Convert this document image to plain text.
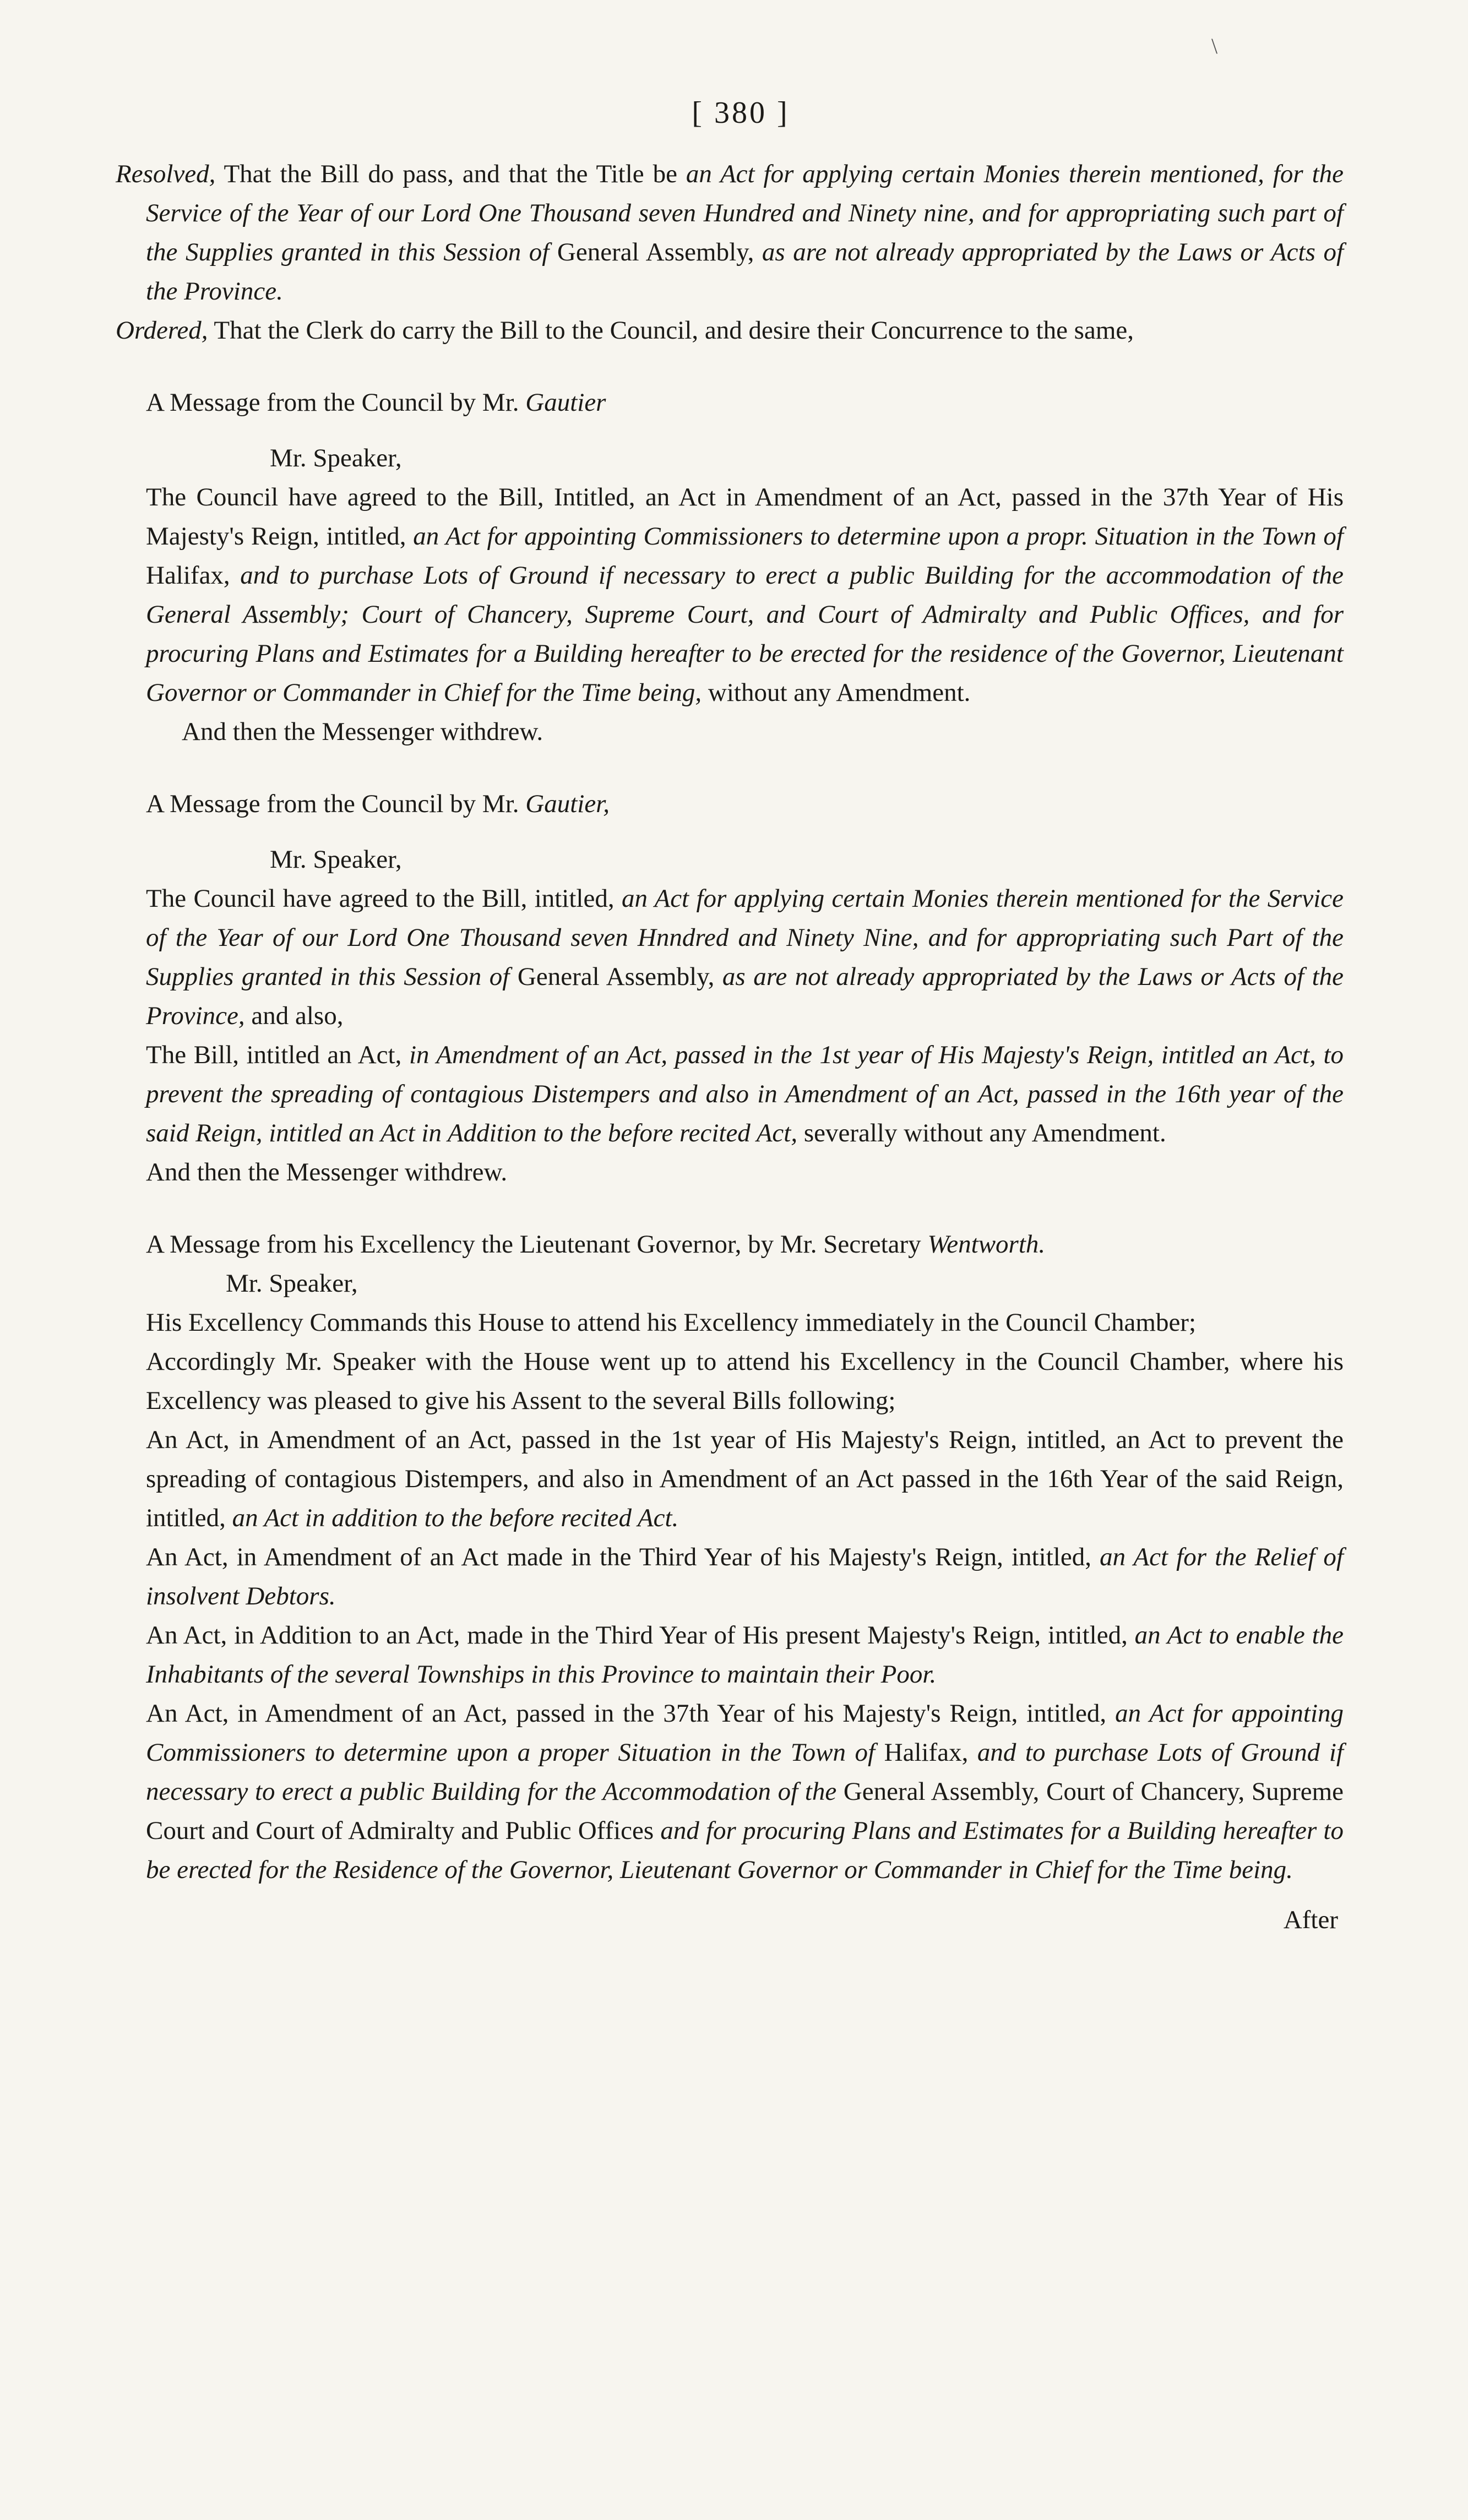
\
[ 380 ]

Resolved, That the Bill do pass, and that the Title be an Act for applying certain Monies therein mentioned, for the Service of the Year of our Lord One Thousand seven Hundred and Ninety nine, and for appropriating such part of the Supplies granted in this Session of General Assembly, as are not already appropriated by the Laws or Acts of the Province.

Ordered, That the Clerk do carry the Bill to the Council, and desire their Concurrence to the same,

A Message from the Council by Mr. Gautier

Mr. Speaker,

The Council have agreed to the Bill, Intitled, an Act in Amendment of an Act, passed in the 37th Year of His Majesty's Reign, intitled, an Act for appointing Commissioners to determine upon a propr. Situation in the Town of Halifax, and to purchase Lots of Ground if necessary to erect a public Building for the accommodation of the General Assembly; Court of Chancery, Supreme Court, and Court of Admiralty and Public Offices, and for procuring Plans and Estimates for a Building hereafter to be erected for the residence of the Governor, Lieutenant Governor or Commander in Chief for the Time being, without any Amendment.

And then the Messenger withdrew.

A Message from the Council by Mr. Gautier,

Mr. Speaker,

The Council have agreed to the Bill, intitled, an Act for applying certain Monies therein mentioned for the Service of the Year of our Lord One Thousand seven Hnndred and Ninety Nine, and for appropriating such Part of the Supplies granted in this Session of General Assembly, as are not already appropriated by the Laws or Acts of the Province, and also,

The Bill, intitled an Act, in Amendment of an Act, passed in the 1st year of His Majesty's Reign, intitled an Act, to prevent the spreading of contagious Distempers and also in Amendment of an Act, passed in the 16th year of the said Reign, intitled an Act in Addition to the before recited Act, severally without any Amendment.

And then the Messenger withdrew.

A Message from his Excellency the Lieutenant Governor, by Mr. Secretary Wentworth.

Mr. Speaker,

His Excellency Commands this House to attend his Excellency immediately in the Council Chamber;

Accordingly Mr. Speaker with the House went up to attend his Excellency in the Council Chamber, where his Excellency was pleased to give his Assent to the several Bills following;

An Act, in Amendment of an Act, passed in the 1st year of His Majesty's Reign, intitled, an Act to prevent the spreading of contagious Distempers, and also in Amendment of an Act passed in the 16th Year of the said Reign, intitled, an Act in addition to the before recited Act.

An Act, in Amendment of an Act made in the Third Year of his Majesty's Reign, intitled, an Act for the Relief of insolvent Debtors.

An Act, in Addition to an Act, made in the Third Year of His present Majesty's Reign, intitled, an Act to enable the Inhabitants of the several Townships in this Province to maintain their Poor.

An Act, in Amendment of an Act, passed in the 37th Year of his Majesty's Reign, intitled, an Act for appointing Commissioners to determine upon a proper Situation in the Town of Halifax, and to purchase Lots of Ground if necessary to erect a public Building for the Accommodation of the General Assembly, Court of Chancery, Supreme Court and Court of Admiralty and Public Offices and for procuring Plans and Estimates for a Building hereafter to be erected for the Residence of the Governor, Lieutenant Governor or Commander in Chief for the Time being.

After
